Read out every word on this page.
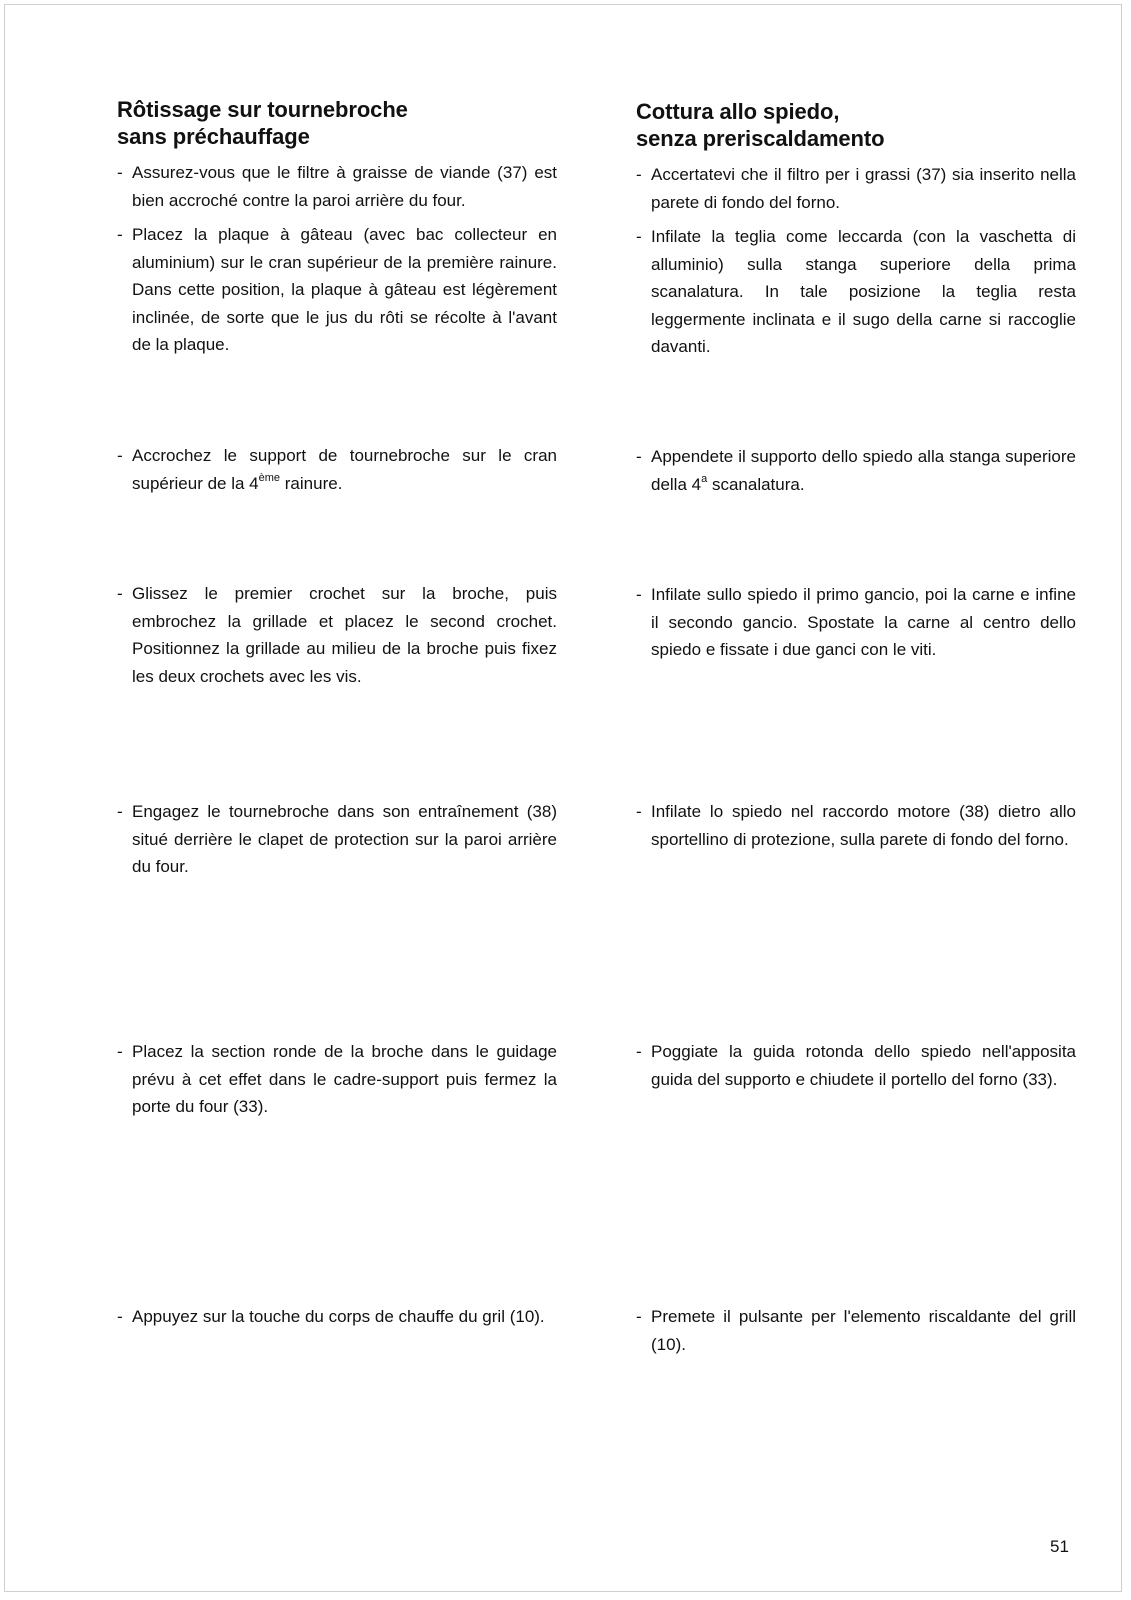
Rôtissage sur tournebroche
sans préchauffage
- Assurez-vous que le filtre à graisse de viande (37) est bien accroché contre la paroi arrière du four.
- Placez la plaque à gâteau (avec bac collecteur en aluminium) sur le cran supérieur de la première rainure. Dans cette position, la plaque à gâteau est légèrement inclinée, de sorte que le jus du rôti se récolte à l'avant de la plaque.
- Accrochez le support de tournebroche sur le cran supérieur de la 4ème rainure.
- Glissez le premier crochet sur la broche, puis embrochez la grillade et placez le second crochet. Positionnez la grillade au milieu de la broche puis fixez les deux crochets avec les vis.
- Engagez le tournebroche dans son entraînement (38) situé derrière le clapet de protection sur la paroi arrière du four.
- Placez la section ronde de la broche dans le guidage prévu à cet effet dans le cadre-support puis fermez la porte du four (33).
- Appuyez sur la touche du corps de chauffe du gril (10).
Cottura allo spiedo,
senza preriscaldamento
- Accertatevi che il filtro per i grassi (37) sia inserito nella parete di fondo del forno.
- Infilate la teglia come leccarda (con la vaschetta di alluminio) sulla stanga superiore della prima scanalatura. In tale posizione la teglia resta leggermente inclinata e il sugo della carne si raccoglie davanti.
- Appendete il supporto dello spiedo alla stanga superiore della 4$^a$ scanalatura.
- Infilate sullo spiedo il primo gancio, poi la carne e infine il secondo gancio. Spostate la carne al centro dello spiedo e fissate i due ganci con le viti.
- Infilate lo spiedo nel raccordo motore (38) dietro allo sportellino di protezione, sulla parete di fondo del forno.
- Poggiate la guida rotonda dello spiedo nell'apposita guida del supporto e chiudete il portello del forno (33).
- Premete il pulsante per l'elemento riscaldante del grill (10).
51
